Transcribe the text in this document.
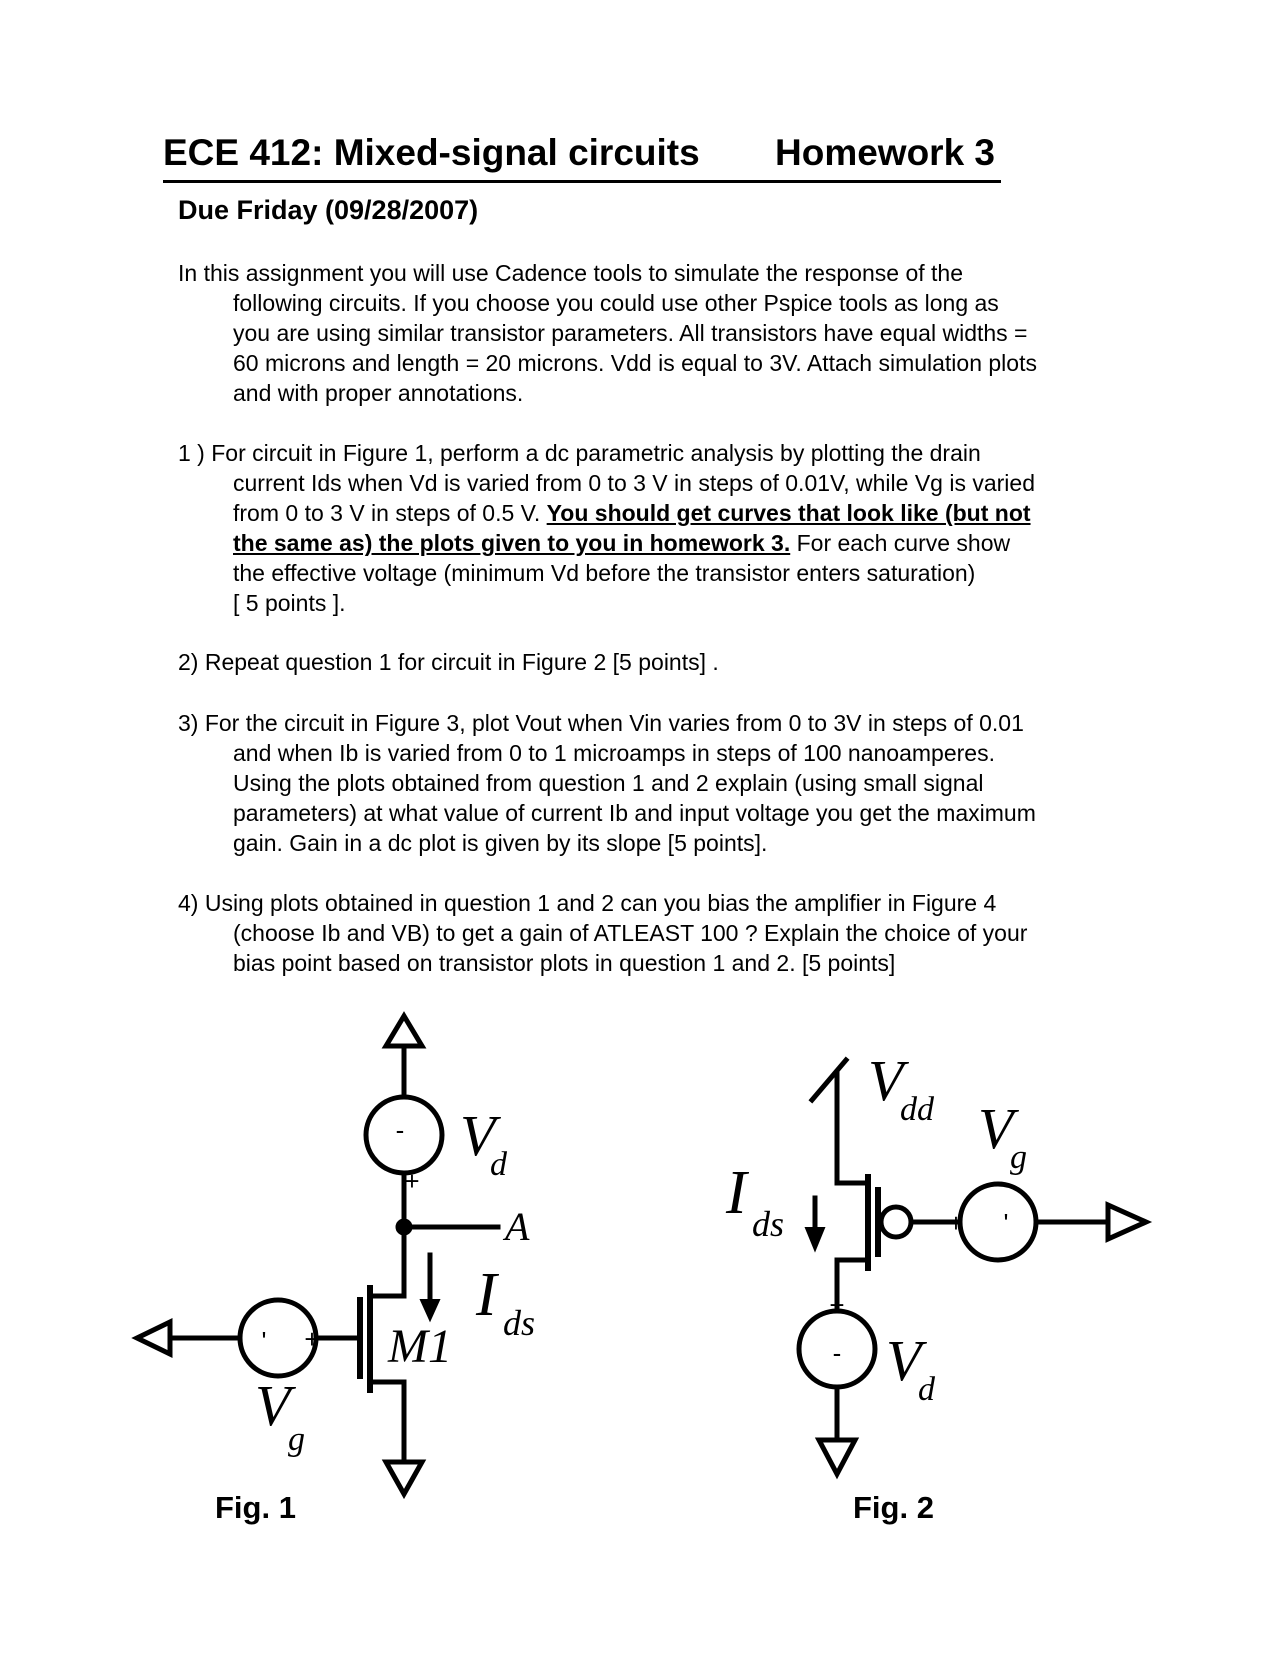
ECE 412: Mixed-signal circuits Homework 3
Due Friday (09/28/2007)
In this assignment you will use Cadence tools to simulate the response of the
following circuits. If you choose you could use other Pspice tools as long as
you are using similar transistor parameters. All transistors have equal widths =
60 microns and length = 20 microns. Vdd is equal to 3V. Attach simulation plots
and with proper annotations.
1 ) For circuit in Figure 1, perform a dc parametric analysis by plotting the drain
current Ids when Vd is varied from 0 to 3 V in steps of 0.01V, while Vg is varied
from 0 to 3 V in steps of 0.5 V. You should get curves that look like (but not
the same as) the plots given to you in homework 3. For each curve show
the effective voltage (minimum Vd before the transistor enters saturation)
[ 5 points ].
2) Repeat question 1 for circuit in Figure 2 [5 points] .
3) For the circuit in Figure 3, plot Vout when Vin varies from 0 to 3V in steps of 0.01
and when Ib is varied from 0 to 1 microamps in steps of 100 nanoamperes.
Using the plots obtained from question 1 and 2 explain (using small signal
parameters) at what value of current Ib and input voltage you get the maximum
gain. Gain in a dc plot is given by its slope [5 points].
4) Using plots obtained in question 1 and 2 can you bias the amplifier in Figure 4
(choose Ib and VB) to get a gain of ATLEAST 100 ? Explain the choice of your
bias point based on transistor plots in question 1 and 2. [5 points]
V
d
-
+
A
I ds
M1
V
g
' +
V
dd V
g
+ '
I ds
+
- V
d
Fig. 1	Fig. 2
